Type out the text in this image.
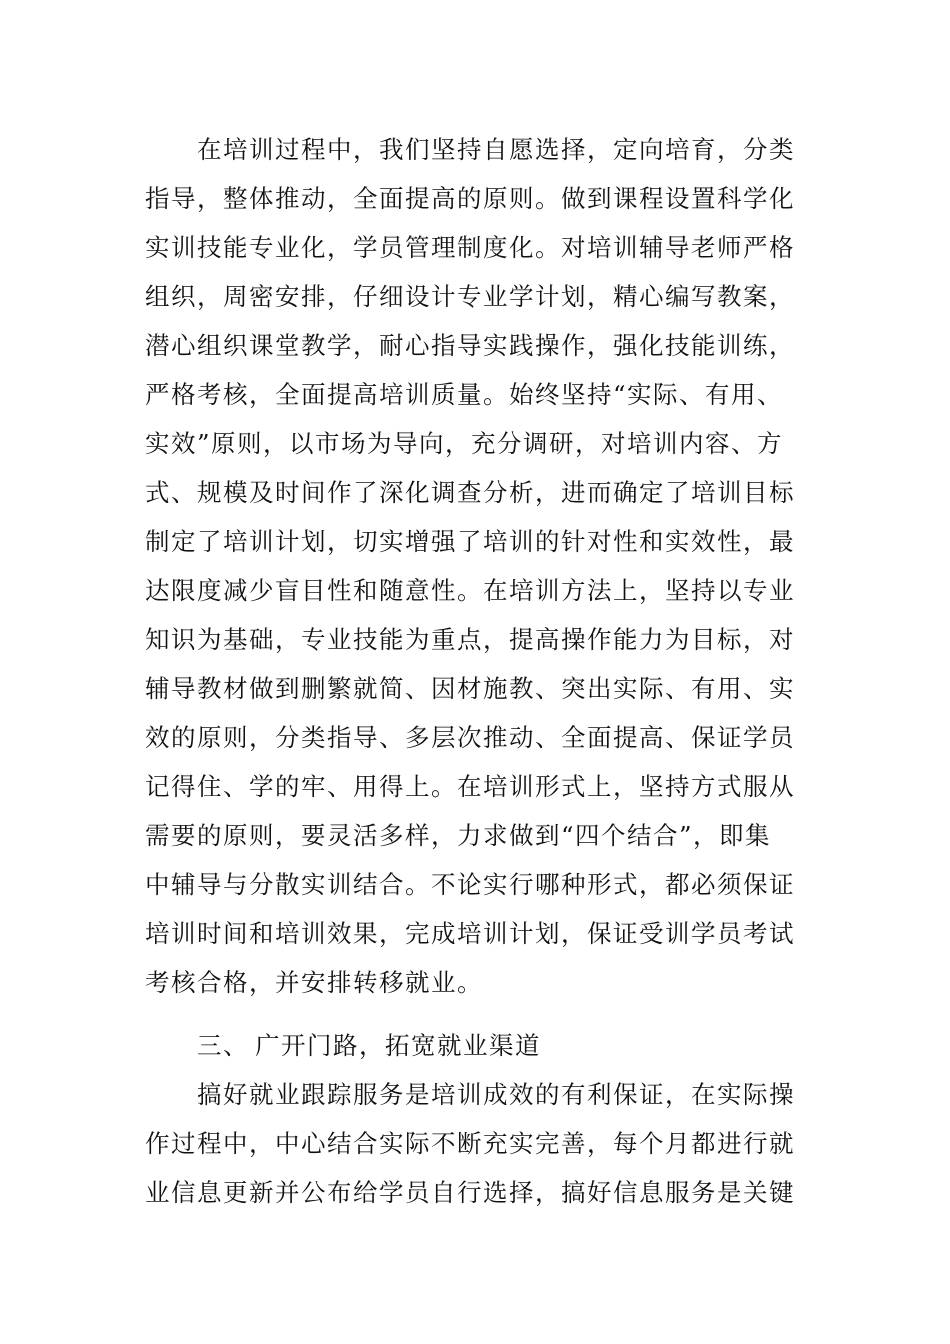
在培训过程中，我们坚持自愿选择，定向培育，分类
指导，整体推动，全面提高的原则。做到课程设置科学化
实训技能专业化，学员管理制度化。对培训辅导老师严格
组织，周密安排，仔细设计专业学计划，精心编写教案，
潜心组织课堂教学，耐心指导实践操作，强化技能训练，
严格考核，全面提高培训质量。始终坚持“实际、有用、
实效”原则，以市场为导向，充分调研，对培训内容、方
式、规模及时间作了深化调查分析，进而确定了培训目标
制定了培训计划，切实增强了培训的针对性和实效性，最
达限度减少盲目性和随意性。在培训方法上，坚持以专业
知识为基础，专业技能为重点，提高操作能力为目标，对
辅导教材做到删繁就简、因材施教、突出实际、有用、实
效的原则，分类指导、多层次推动、全面提高、保证学员
记得住、学的牢、用得上。在培训形式上，坚持方式服从
需要的原则，要灵活多样，力求做到“四个结合”，即集
中辅导与分散实训结合。不论实行哪种形式，都必须保证
培训时间和培训效果，完成培训计划，保证受训学员考试
考核合格，并安排转移就业。
三、 广开门路，拓宽就业渠道
搞好就业跟踪服务是培训成效的有利保证，在实际操
作过程中，中心结合实际不断充实完善，每个月都进行就
业信息更新并公布给学员自行选择，搞好信息服务是关键
